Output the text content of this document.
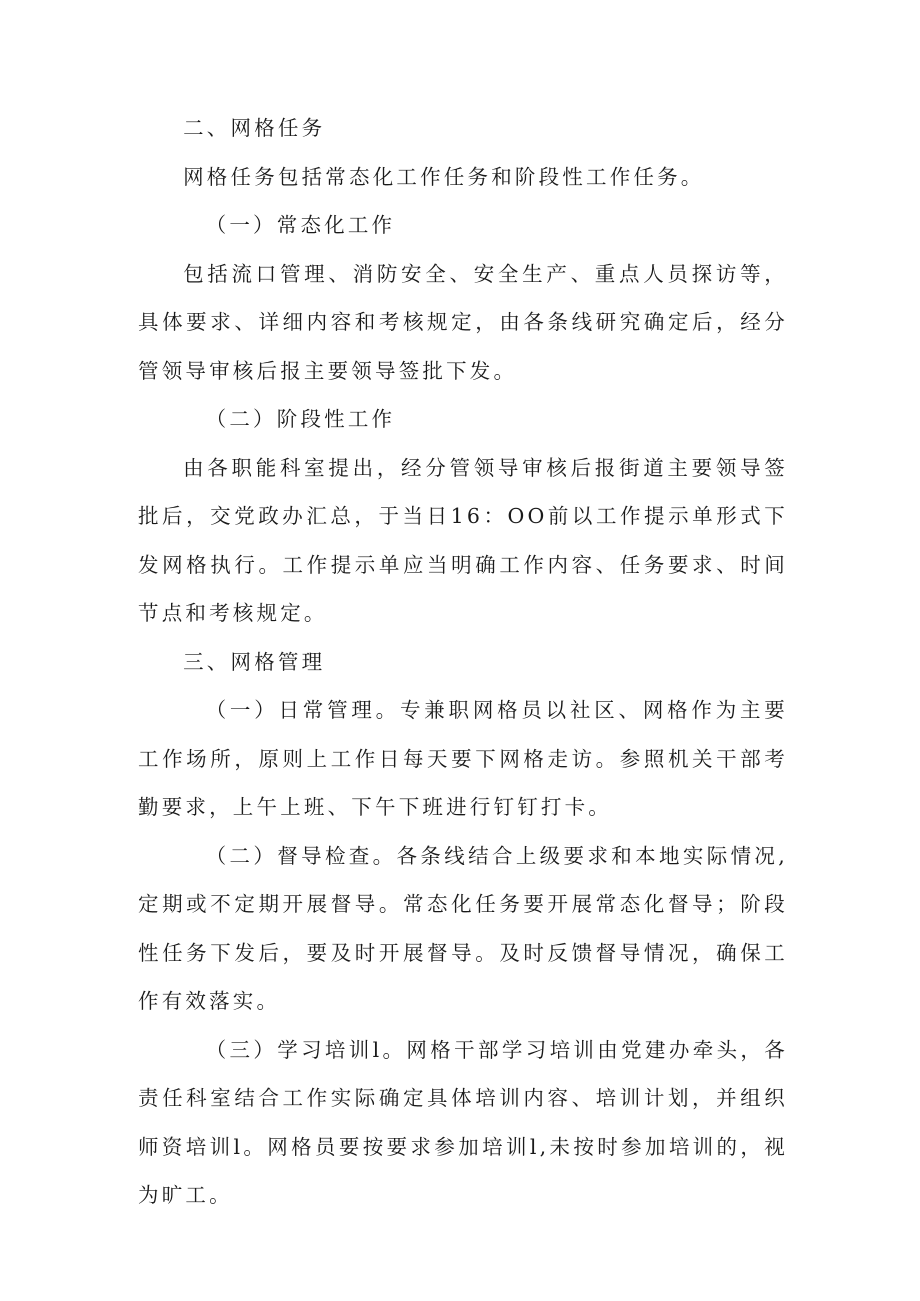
二、网格任务

网格任务包括常态化工作任务和阶段性工作任务。

（一）常态化工作

包括流口管理、消防安全、安全生产、重点人员探访等，具体要求、详细内容和考核规定，由各条线研究确定后，经分管领导审核后报主要领导签批下发。

（二）阶段性工作

由各职能科室提出，经分管领导审核后报街道主要领导签批后，交党政办汇总，于当日16：OO前以工作提示单形式下发网格执行。工作提示单应当明确工作内容、任务要求、时间节点和考核规定。

三、网格管理

（一）日常管理。专兼职网格员以社区、网格作为主要工作场所，原则上工作日每天要下网格走访。参照机关干部考勤要求，上午上班、下午下班进行钉钉打卡。

（二）督导检查。各条线结合上级要求和本地实际情况,定期或不定期开展督导。常态化任务要开展常态化督导；阶段性任务下发后，要及时开展督导。及时反馈督导情况，确保工作有效落实。

（三）学习培训l。网格干部学习培训由党建办牵头，各责任科室结合工作实际确定具体培训内容、培训计划，并组织师资培训l。网格员要按要求参加培训l,未按时参加培训的，视为旷工。
